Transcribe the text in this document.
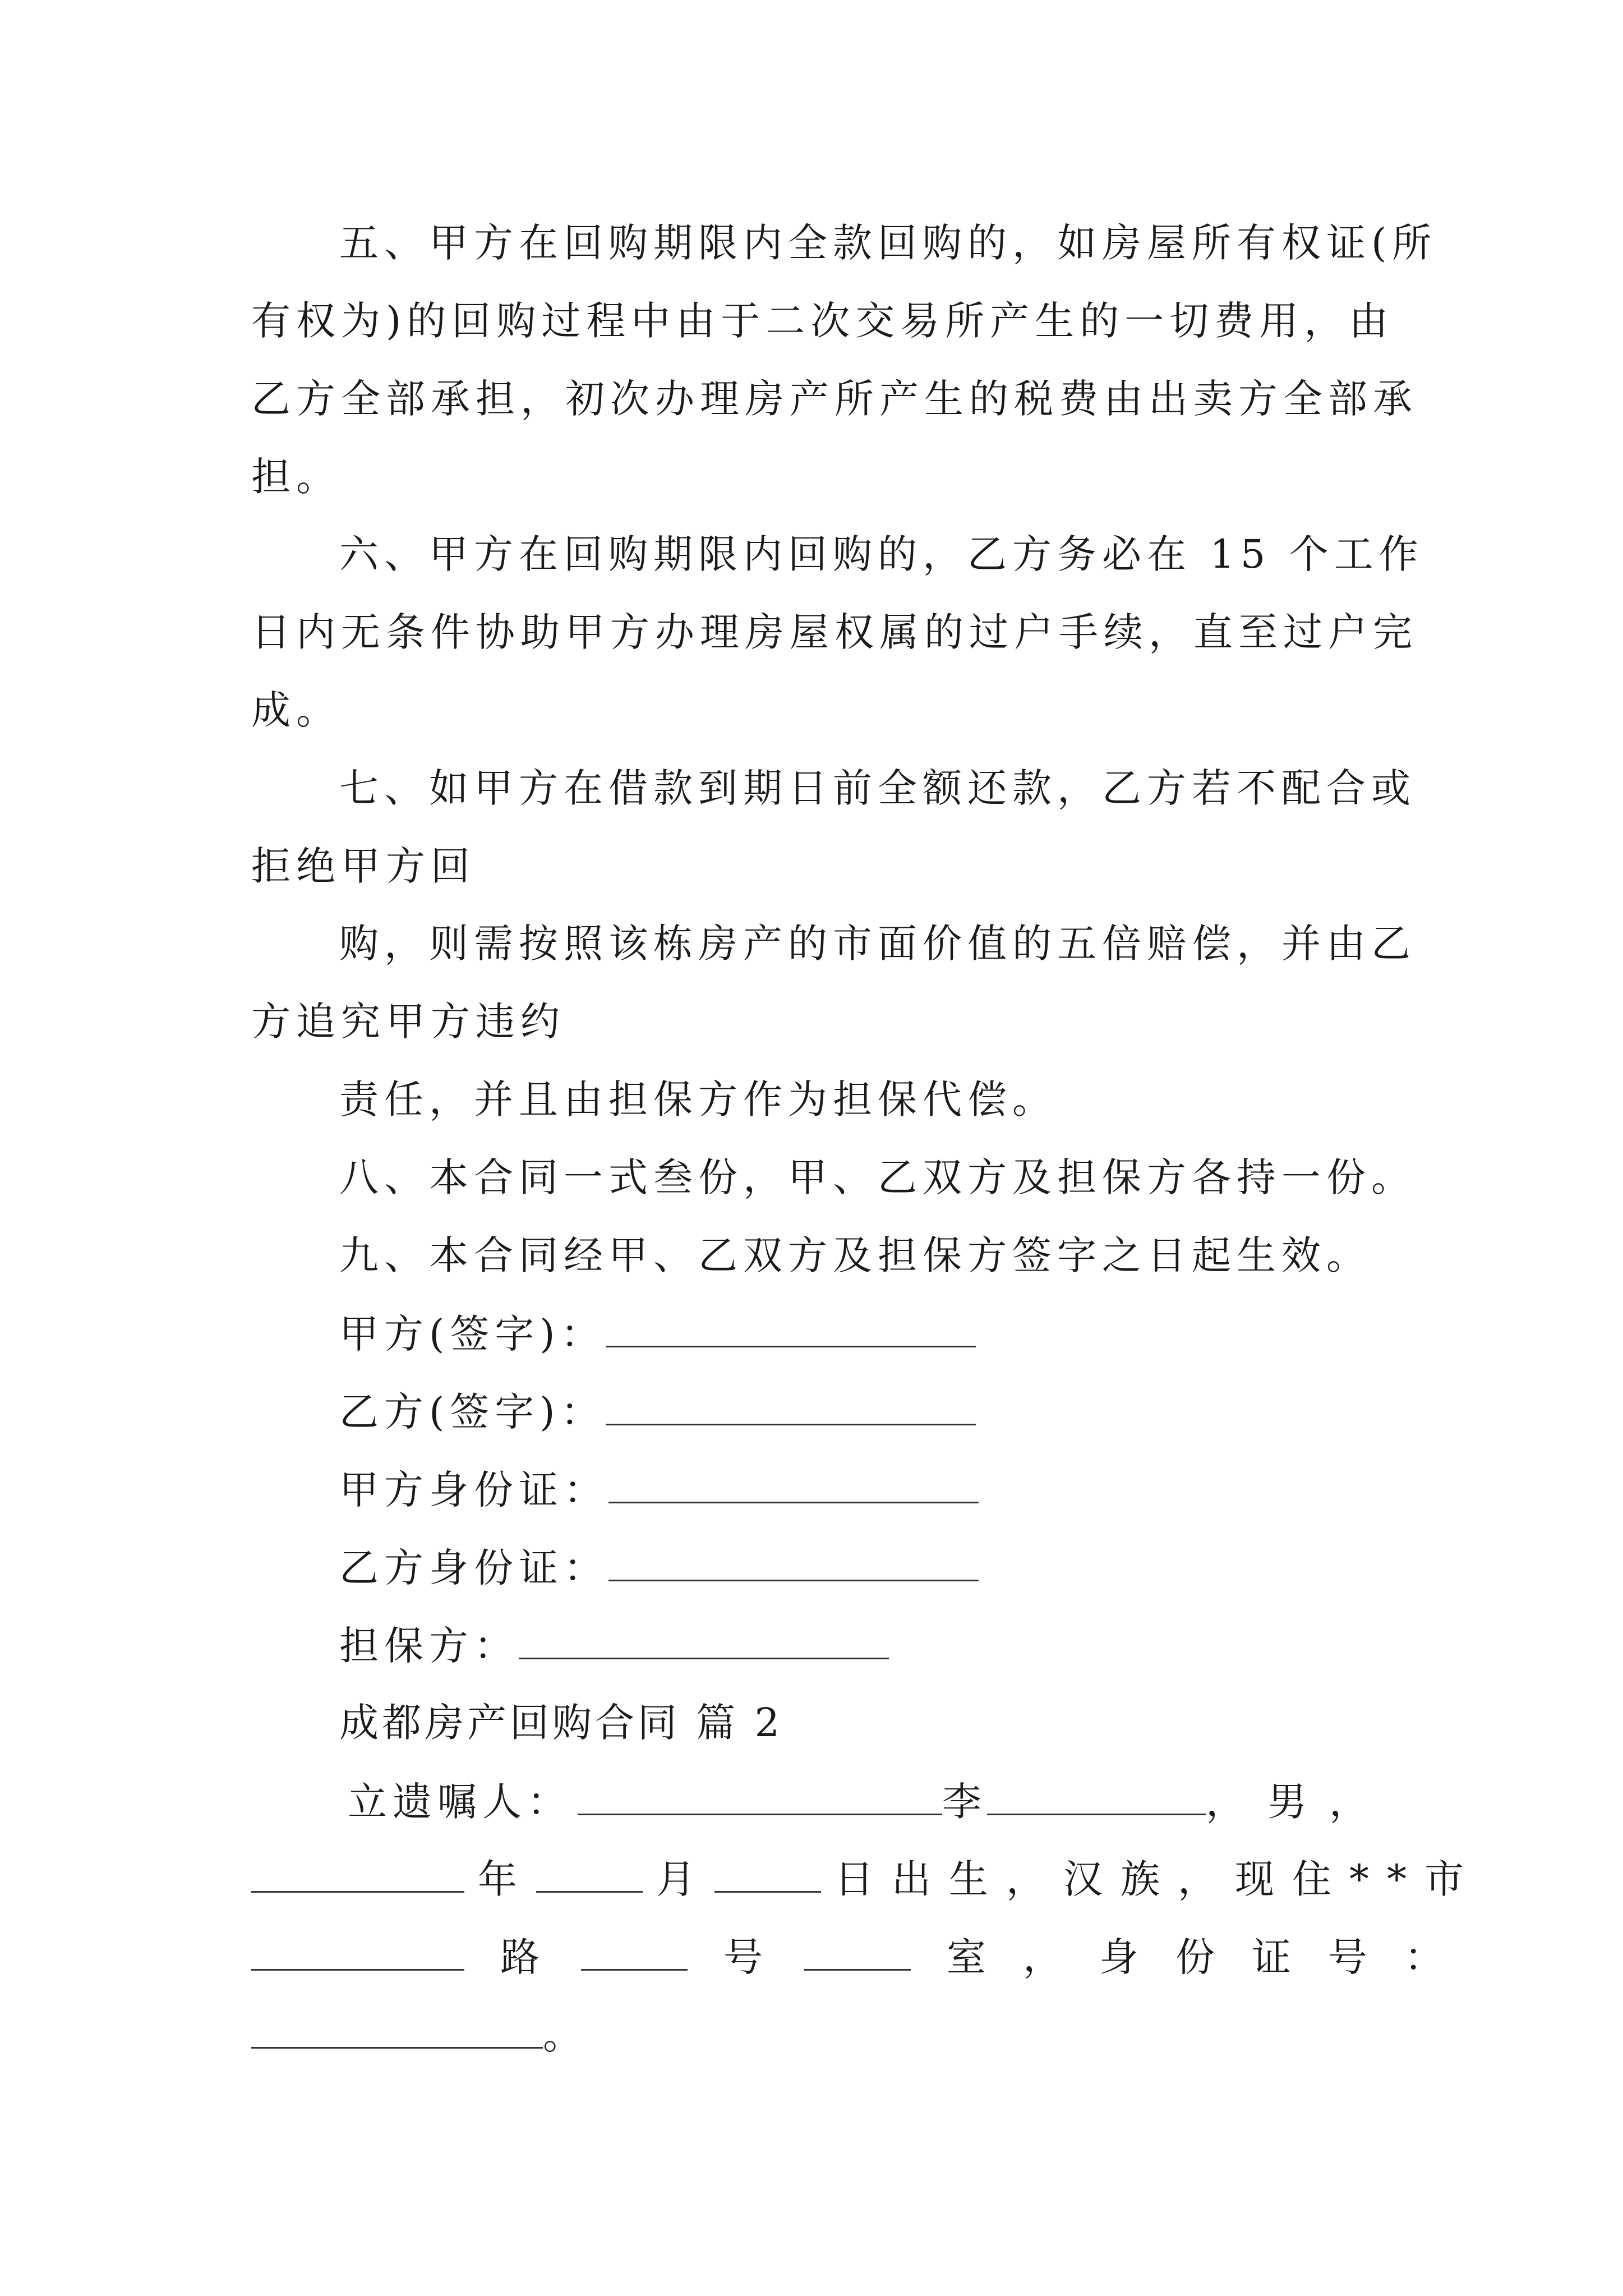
五、甲方在回购期限内全款回购的，如房屋所有权证(所
有权为)的回购过程中由于二次交易所产生的一切费用，由
乙方全部承担，初次办理房产所产生的税费由出卖方全部承
担。
六、甲方在回购期限内回购的，乙方务必在 15 个工作
日内无条件协助甲方办理房屋权属的过户手续，直至过户完
成。
七、如甲方在借款到期日前全额还款，乙方若不配合或
拒绝甲方回
购，则需按照该栋房产的市面价值的五倍赔偿，并由乙
方追究甲方违约
责任，并且由担保方作为担保代偿。
八、本合同一式叁份，甲、乙双方及担保方各持一份。
九、本合同经甲、乙双方及担保方签字之日起生效。
甲方(签字)：
乙方(签字)：
甲方身份证：
乙方身份证：
担保方：
成都房产回购合同 篇 2
立遗嘱人：	李	，男，
年	月	日出生，汉族，现住**市
路	号	室，身份证号：
。
